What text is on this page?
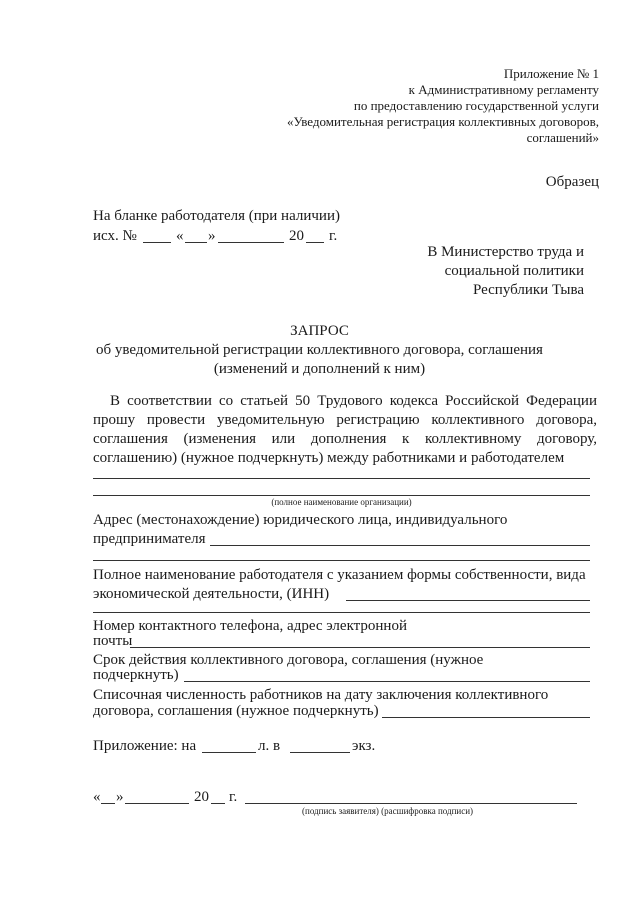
Приложение № 1
к Административному регламенту
по предоставлению государственной услуги
«Уведомительная регистрация коллективных договоров,
соглашений»
Образец
На бланке работодателя (при наличии)
исх. №	« »	20 г.
В Министерство труда и
социальной политики
Республики Тыва
ЗАПРОС
об уведомительной регистрации коллективного договора, соглашения
(изменений и дополнений к ним)
В соответствии со статьей 50 Трудового кодекса Российской Федерации
прошу провести уведомительную регистрацию коллективного договора,
соглашения (изменения или дополнения к коллективному договору,
соглашению) (нужное подчеркнуть) между работниками и работодателем
(полное наименование организации)
Адрес (местонахождение) юридического лица, индивидуального
предпринимателя
Полное наименование работодателя с указанием формы собственности, вида
экономической деятельности, (ИНН)
Номер контактного телефона, адрес электронной
почты
Срок действия коллективного договора, соглашения (нужное
подчеркнуть)
Списочная численность работников на дату заключения коллективного
договора, соглашения (нужное подчеркнуть)
Приложение: на	л. в	экз.
« »	20 г.
(подпись заявителя) (расшифровка подписи)
